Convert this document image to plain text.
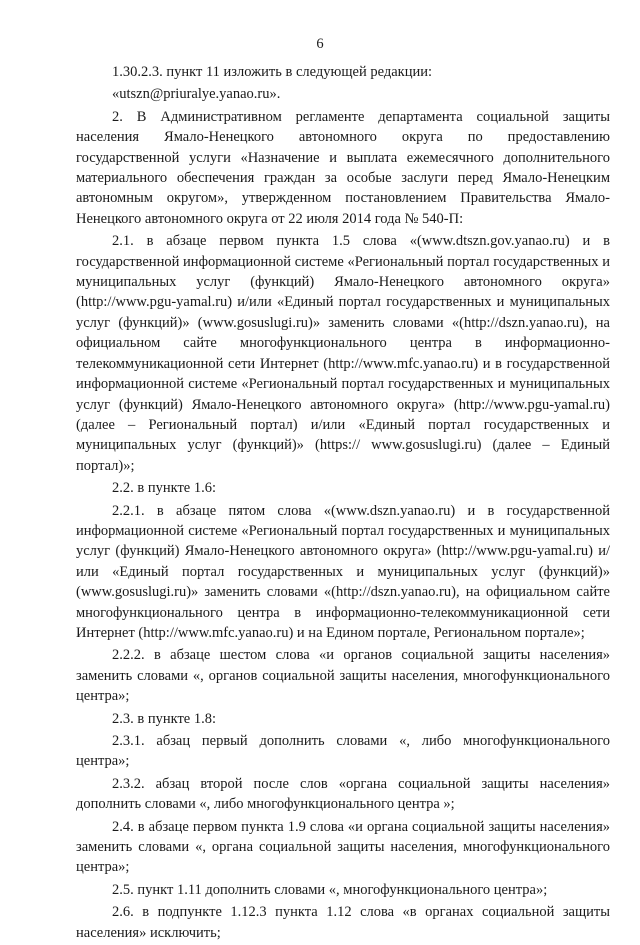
6

1.30.2.3. пункт 11 изложить в следующей редакции:

«utszn@priuralye.yanao.ru».

2. В Административном регламенте департамента социальной защиты населения Ямало-Ненецкого автономного округа по предоставлению государственной услуги «Назначение и выплата ежемесячного дополнительного материального обеспечения граждан за особые заслуги перед Ямало-Ненецким автономным округом», утвержденном постановлением Правительства Ямало-Ненецкого автономного округа от 22 июля 2014 года № 540-П:

2.1. в абзаце первом пункта 1.5 слова «(www.dtszn.gov.yanao.ru) и в государственной информационной системе «Региональный портал государственных и муниципальных услуг (функций) Ямало-Ненецкого автономного округа» (http://www.pgu-yamal.ru) и/или «Единый портал государственных и муниципальных услуг (функций)» (www.gosuslugi.ru)» заменить словами «(http://dszn.yanao.ru), на официальном сайте многофункционального центра в информационно-телекоммуникационной сети Интернет (http://www.mfc.yanao.ru) и в государственной информационной системе «Региональный портал государственных и муниципальных услуг (функций) Ямало-Ненецкого автономного округа» (http://www.pgu-yamal.ru) (далее – Региональный портал) и/или «Единый портал государственных и муниципальных услуг (функций)» (https:// www.gosuslugi.ru) (далее – Единый портал)»;

2.2. в пункте 1.6:

2.2.1. в абзаце пятом слова «(www.dszn.yanao.ru) и в государственной информационной системе «Региональный портал государственных и муниципальных услуг (функций) Ямало-Ненецкого автономного округа» (http://www.pgu-yamal.ru) и/или «Единый портал государственных и муниципальных услуг (функций)» (www.gosuslugi.ru)» заменить словами «(http://dszn.yanao.ru), на официальном сайте многофункционального центра в информационно-телекоммуникационной сети Интернет (http://www.mfc.yanao.ru) и на Едином портале, Региональном портале»;

2.2.2. в абзаце шестом слова «и органов социальной защиты населения» заменить словами «, органов социальной защиты населения, многофункционального центра»;

2.3. в пункте 1.8:

2.3.1. абзац первый дополнить словами «, либо многофункционального центра»;

2.3.2. абзац второй после слов «органа социальной защиты населения» дополнить словами «, либо многофункционального центра »;

2.4. в абзаце первом пункта 1.9 слова «и органа социальной защиты населения» заменить словами «, органа социальной защиты населения, многофункционального центра»;

2.5. пункт 1.11 дополнить словами «, многофункционального центра»;

2.6. в подпункте 1.12.3 пункта 1.12 слова «в органах социальной защиты населения» исключить;
